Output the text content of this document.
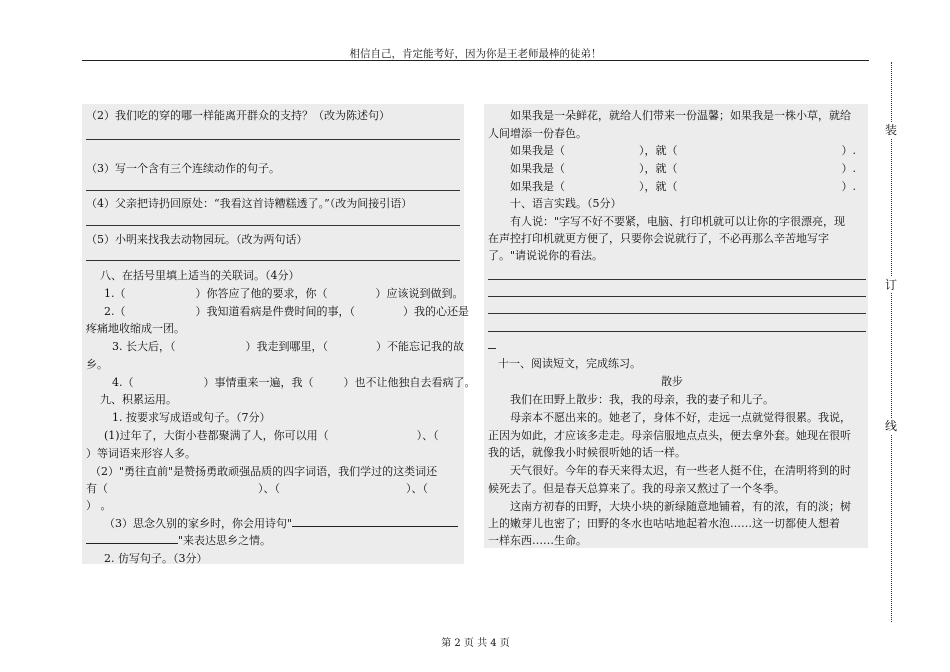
相信自己，肯定能考好，因为你是王老师最棒的徒弟！
（2）我们吃的穿的哪一样能离开群众的支持？（改为陈述句）
（3）写一个含有三个连续动作的句子。
（4）父亲把诗扔回原处：“我看这首诗糟糕透了。”（改为间接引语）
（5）小明来找我去动物园玩。（改为两句话）
八、在括号里填上适当的关联词。（4分）
1.（	）你答应了他的要求，你（	）应该说到做到。
2.（	）我知道看病是件费时间的事，（	）我的心还是
疼痛地收缩成一团。
3. 长大后，（	）我走到哪里，（	）不能忘记我的故
乡。
4.（	）事情重来一遍，我（	）也不让他独自去看病了。
九、积累运用。
1. 按要求写成语或句子。（7分）
(1)过年了，大街小巷都聚满了人，你可以用（	）、（
）等词语来形容人多。
（2）"勇往直前"是赞扬勇敢顽强品质的四字词语，我们学过的这类词还
有（	）、（	）、（
） 。
（3）思念久别的家乡时，你会用诗句"
"来表达思乡之情。
2. 仿写句子。（3分）
如果我是一朵鲜花，就给人们带来一份温馨；如果我是一株小草，就给
人间增添一份春色。
如果我是（	），就（	）.
如果我是（	），就（	）.
如果我是（	），就（	）.
十、语言实践。（5分）
有人说："字写不好不要紧，电脑、打印机就可以让你的字很漂亮，现
在声控打印机就更方便了，只要你会说就行了，不必再那么辛苦地写字
了。"请说说你的看法。
十一、阅读短文，完成练习。
散步
我们在田野上散步：我，我的母亲，我的妻子和儿子。
母亲本不愿出来的。她老了，身体不好，走远一点就觉得很累。我说，
正因为如此，才应该多走走。母亲信服地点点头，便去拿外套。她现在很听
我的话，就像我小时候很听她的话一样。
天气很好。今年的春天来得太迟，有一些老人挺不住，在清明将到的时
候死去了。但是春天总算来了。我的母亲又熬过了一个冬季。
这南方初春的田野，大块小块的新绿随意地铺着，有的浓，有的淡；树
上的嫩芽儿也密了；田野的冬水也咕咕地起着水泡……这一切都使人想着
一样东西……生命。
第 2 页 共 4 页
装
订
线
